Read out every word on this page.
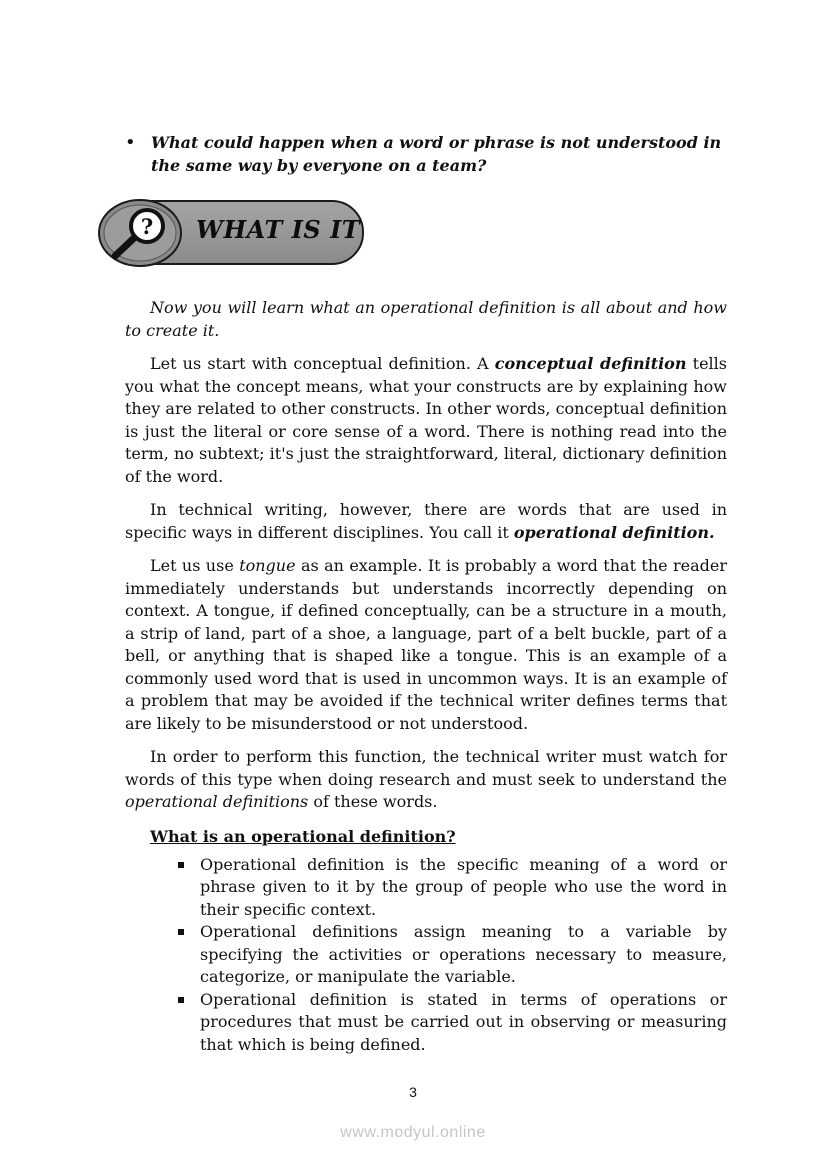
• What could happen when a word or phrase is not understood in the same way by everyone on a team?
WHAT IS IT
?

Now you will learn what an operational definition is all about and how to create it.

Let us start with conceptual definition. A conceptual definition tells you what the concept means, what your constructs are by explaining how they are related to other constructs. In other words, conceptual definition is just the literal or core sense of a word. There is nothing read into the term, no subtext; it's just the straightforward, literal, dictionary definition of the word.

In technical writing, however, there are words that are used in specific ways in different disciplines. You call it operational definition.

Let us use tongue as an example. It is probably a word that the reader immediately understands but understands incorrectly depending on context. A tongue, if defined conceptually, can be a structure in a mouth, a strip of land, part of a shoe, a language, part of a belt buckle, part of a bell, or anything that is shaped like a tongue. This is an example of a commonly used word that is used in uncommon ways. It is an example of a problem that may be avoided if the technical writer defines terms that are likely to be misunderstood or not understood.

In order to perform this function, the technical writer must watch for words of this type when doing research and must seek to understand the operational definitions of these words.

What is an operational definition?
Operational definition is the specific meaning of a word or phrase given to it by the group of people who use the word in their specific context.
Operational definitions assign meaning to a variable by specifying the activities or operations necessary to measure, categorize, or manipulate the variable.
Operational definition is stated in terms of operations or procedures that must be carried out in observing or measuring that which is being defined.
3
www.modyul.online
